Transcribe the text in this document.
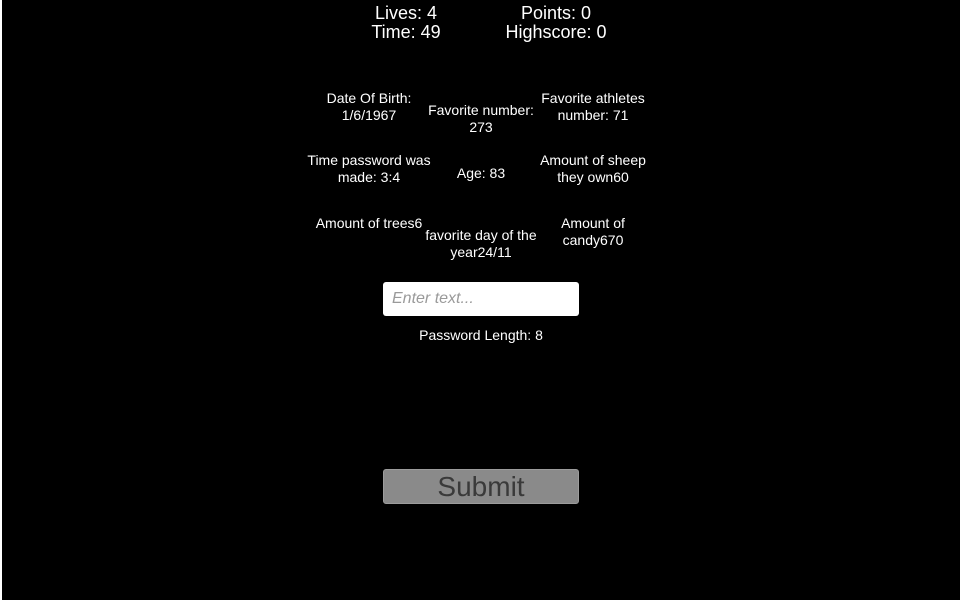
Lives: 4
Time: 49
Points: 0
Highscore: 0
Date Of Birth: 1/6/1967	Favorite number: 273
Favorite athletes number: 71
Time password was made: 3:4	Age: 83
Amount of sheep they own60
Amount of trees6
favorite day of the year24/11
Amount of candy670
Enter text...
Password Length: 8
Submit
